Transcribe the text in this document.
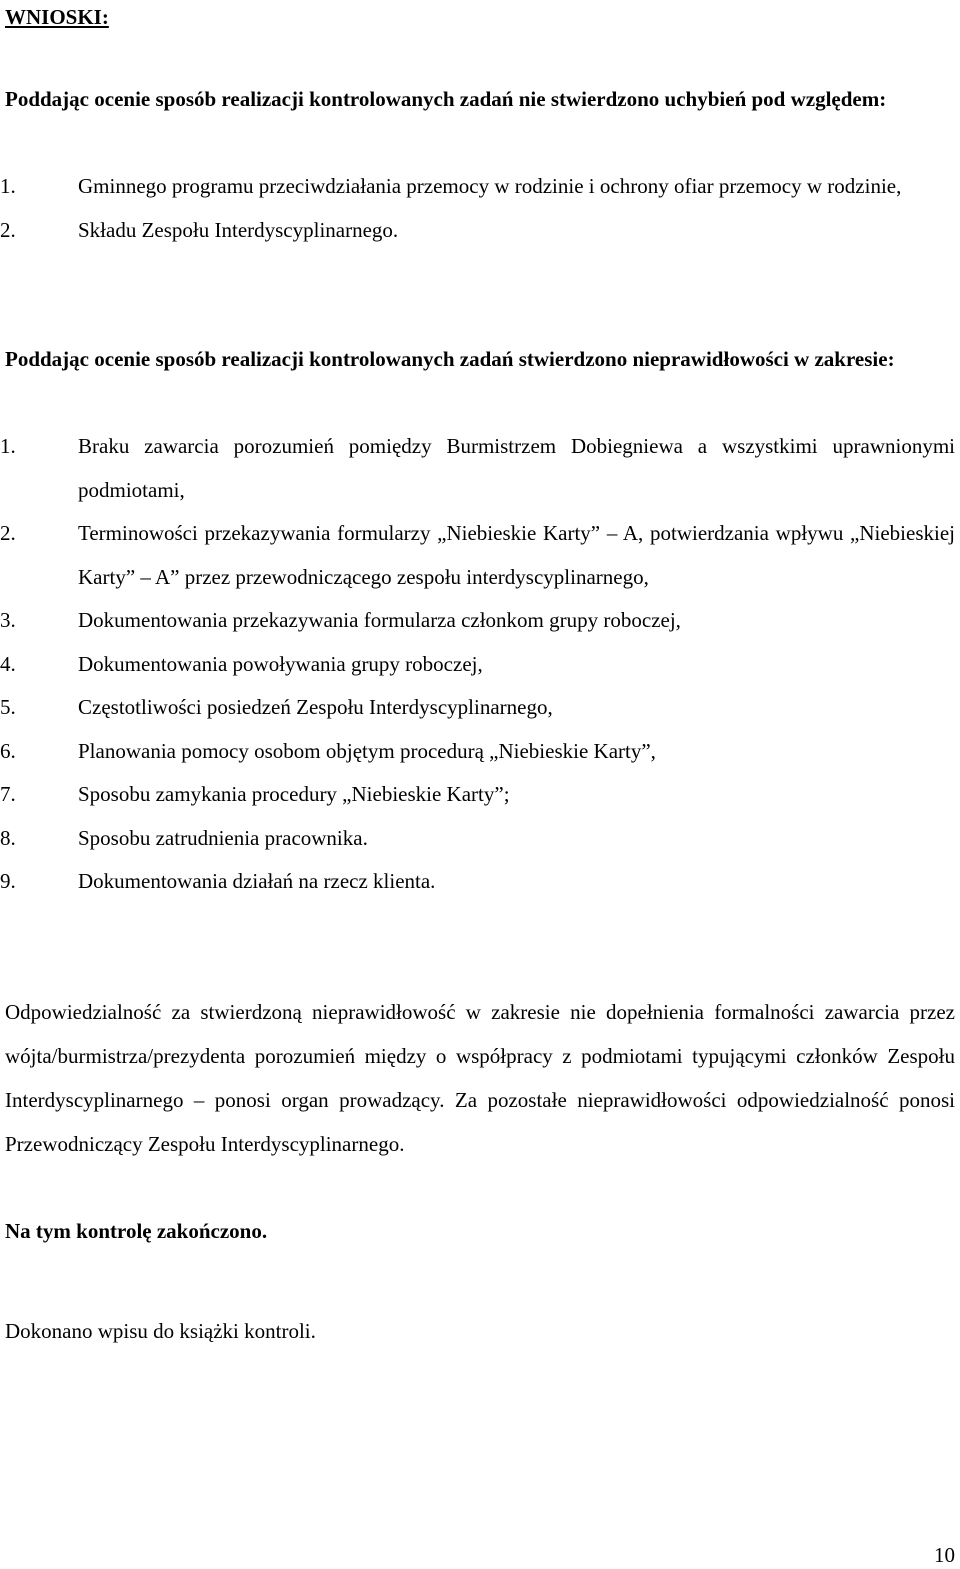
WNIOSKI:
Poddając ocenie sposób realizacji kontrolowanych zadań nie stwierdzono uchybień pod względem:
1.	Gminnego programu przeciwdziałania przemocy w rodzinie i ochrony ofiar przemocy w rodzinie,
2.	Składu Zespołu Interdyscyplinarnego.
Poddając ocenie sposób realizacji kontrolowanych zadań stwierdzono nieprawidłowości w zakresie:
1.	Braku zawarcia porozumień pomiędzy Burmistrzem Dobiegniewa a wszystkimi uprawnionymi podmiotami,
2.	Terminowości przekazywania formularzy „Niebieskie Karty” – A, potwierdzania wpływu „Niebieskiej Karty” – A” przez przewodniczącego zespołu interdyscyplinarnego,
3.	Dokumentowania przekazywania formularza członkom grupy roboczej,
4.	Dokumentowania powoływania grupy roboczej,
5.	Częstotliwości posiedzeń Zespołu Interdyscyplinarnego,
6.	Planowania pomocy osobom objętym procedurą „Niebieskie Karty”,
7.	Sposobu zamykania procedury „Niebieskie Karty”;
8.	Sposobu zatrudnienia pracownika.
9.	Dokumentowania działań na rzecz klienta.
Odpowiedzialność za stwierdzoną nieprawidłowość w zakresie nie dopełnienia formalności zawarcia przez wójta/burmistrza/prezydenta porozumień między o współpracy z podmiotami typującymi członków Zespołu Interdyscyplinarnego – ponosi organ prowadzący. Za pozostałe nieprawidłowości odpowiedzialność ponosi Przewodniczący Zespołu Interdyscyplinarnego.
Na tym kontrolę zakończono.
Dokonano wpisu do książki kontroli.
10
